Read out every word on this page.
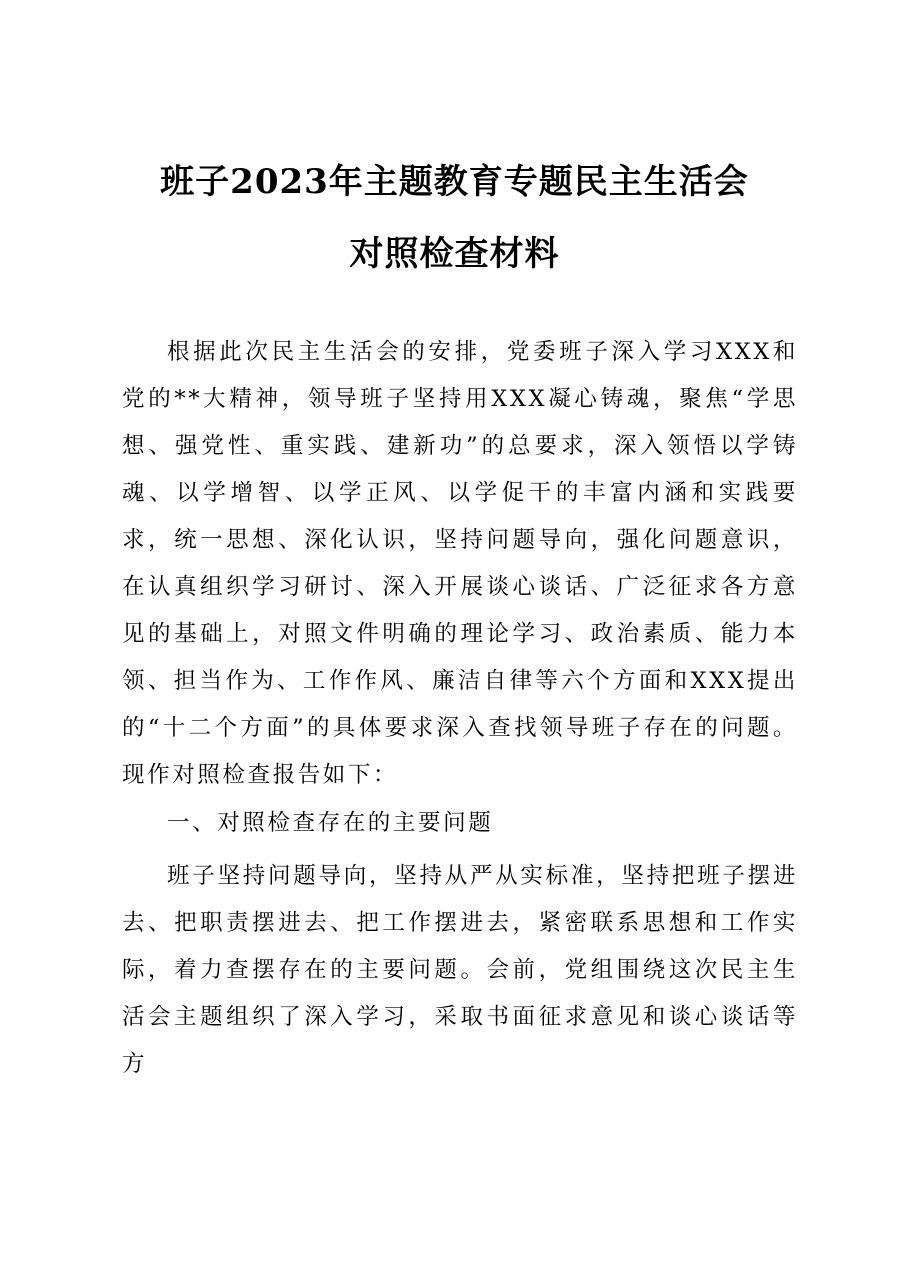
班子2023年主题教育专题民主生活会
对照检查材料

根据此次民主生活会的安排，党委班子深入学习XXX和党的**大精神，领导班子坚持用XXX凝心铸魂，聚焦“学思想、强党性、重实践、建新功”的总要求，深入领悟以学铸魂、以学增智、以学正风、以学促干的丰富内涵和实践要求，统一思想、深化认识，坚持问题导向，强化问题意识，在认真组织学习研讨、深入开展谈心谈话、广泛征求各方意见的基础上，对照文件明确的理论学习、政治素质、能力本领、担当作为、工作作风、廉洁自律等六个方面和XXX提出的“十二个方面”的具体要求深入查找领导班子存在的问题。现作对照检查报告如下：

一、对照检查存在的主要问题

班子坚持问题导向，坚持从严从实标准，坚持把班子摆进去、把职责摆进去、把工作摆进去，紧密联系思想和工作实际，着力查摆存在的主要问题。会前，党组围绕这次民主生活会主题组织了深入学习，采取书面征求意见和谈心谈话等方
